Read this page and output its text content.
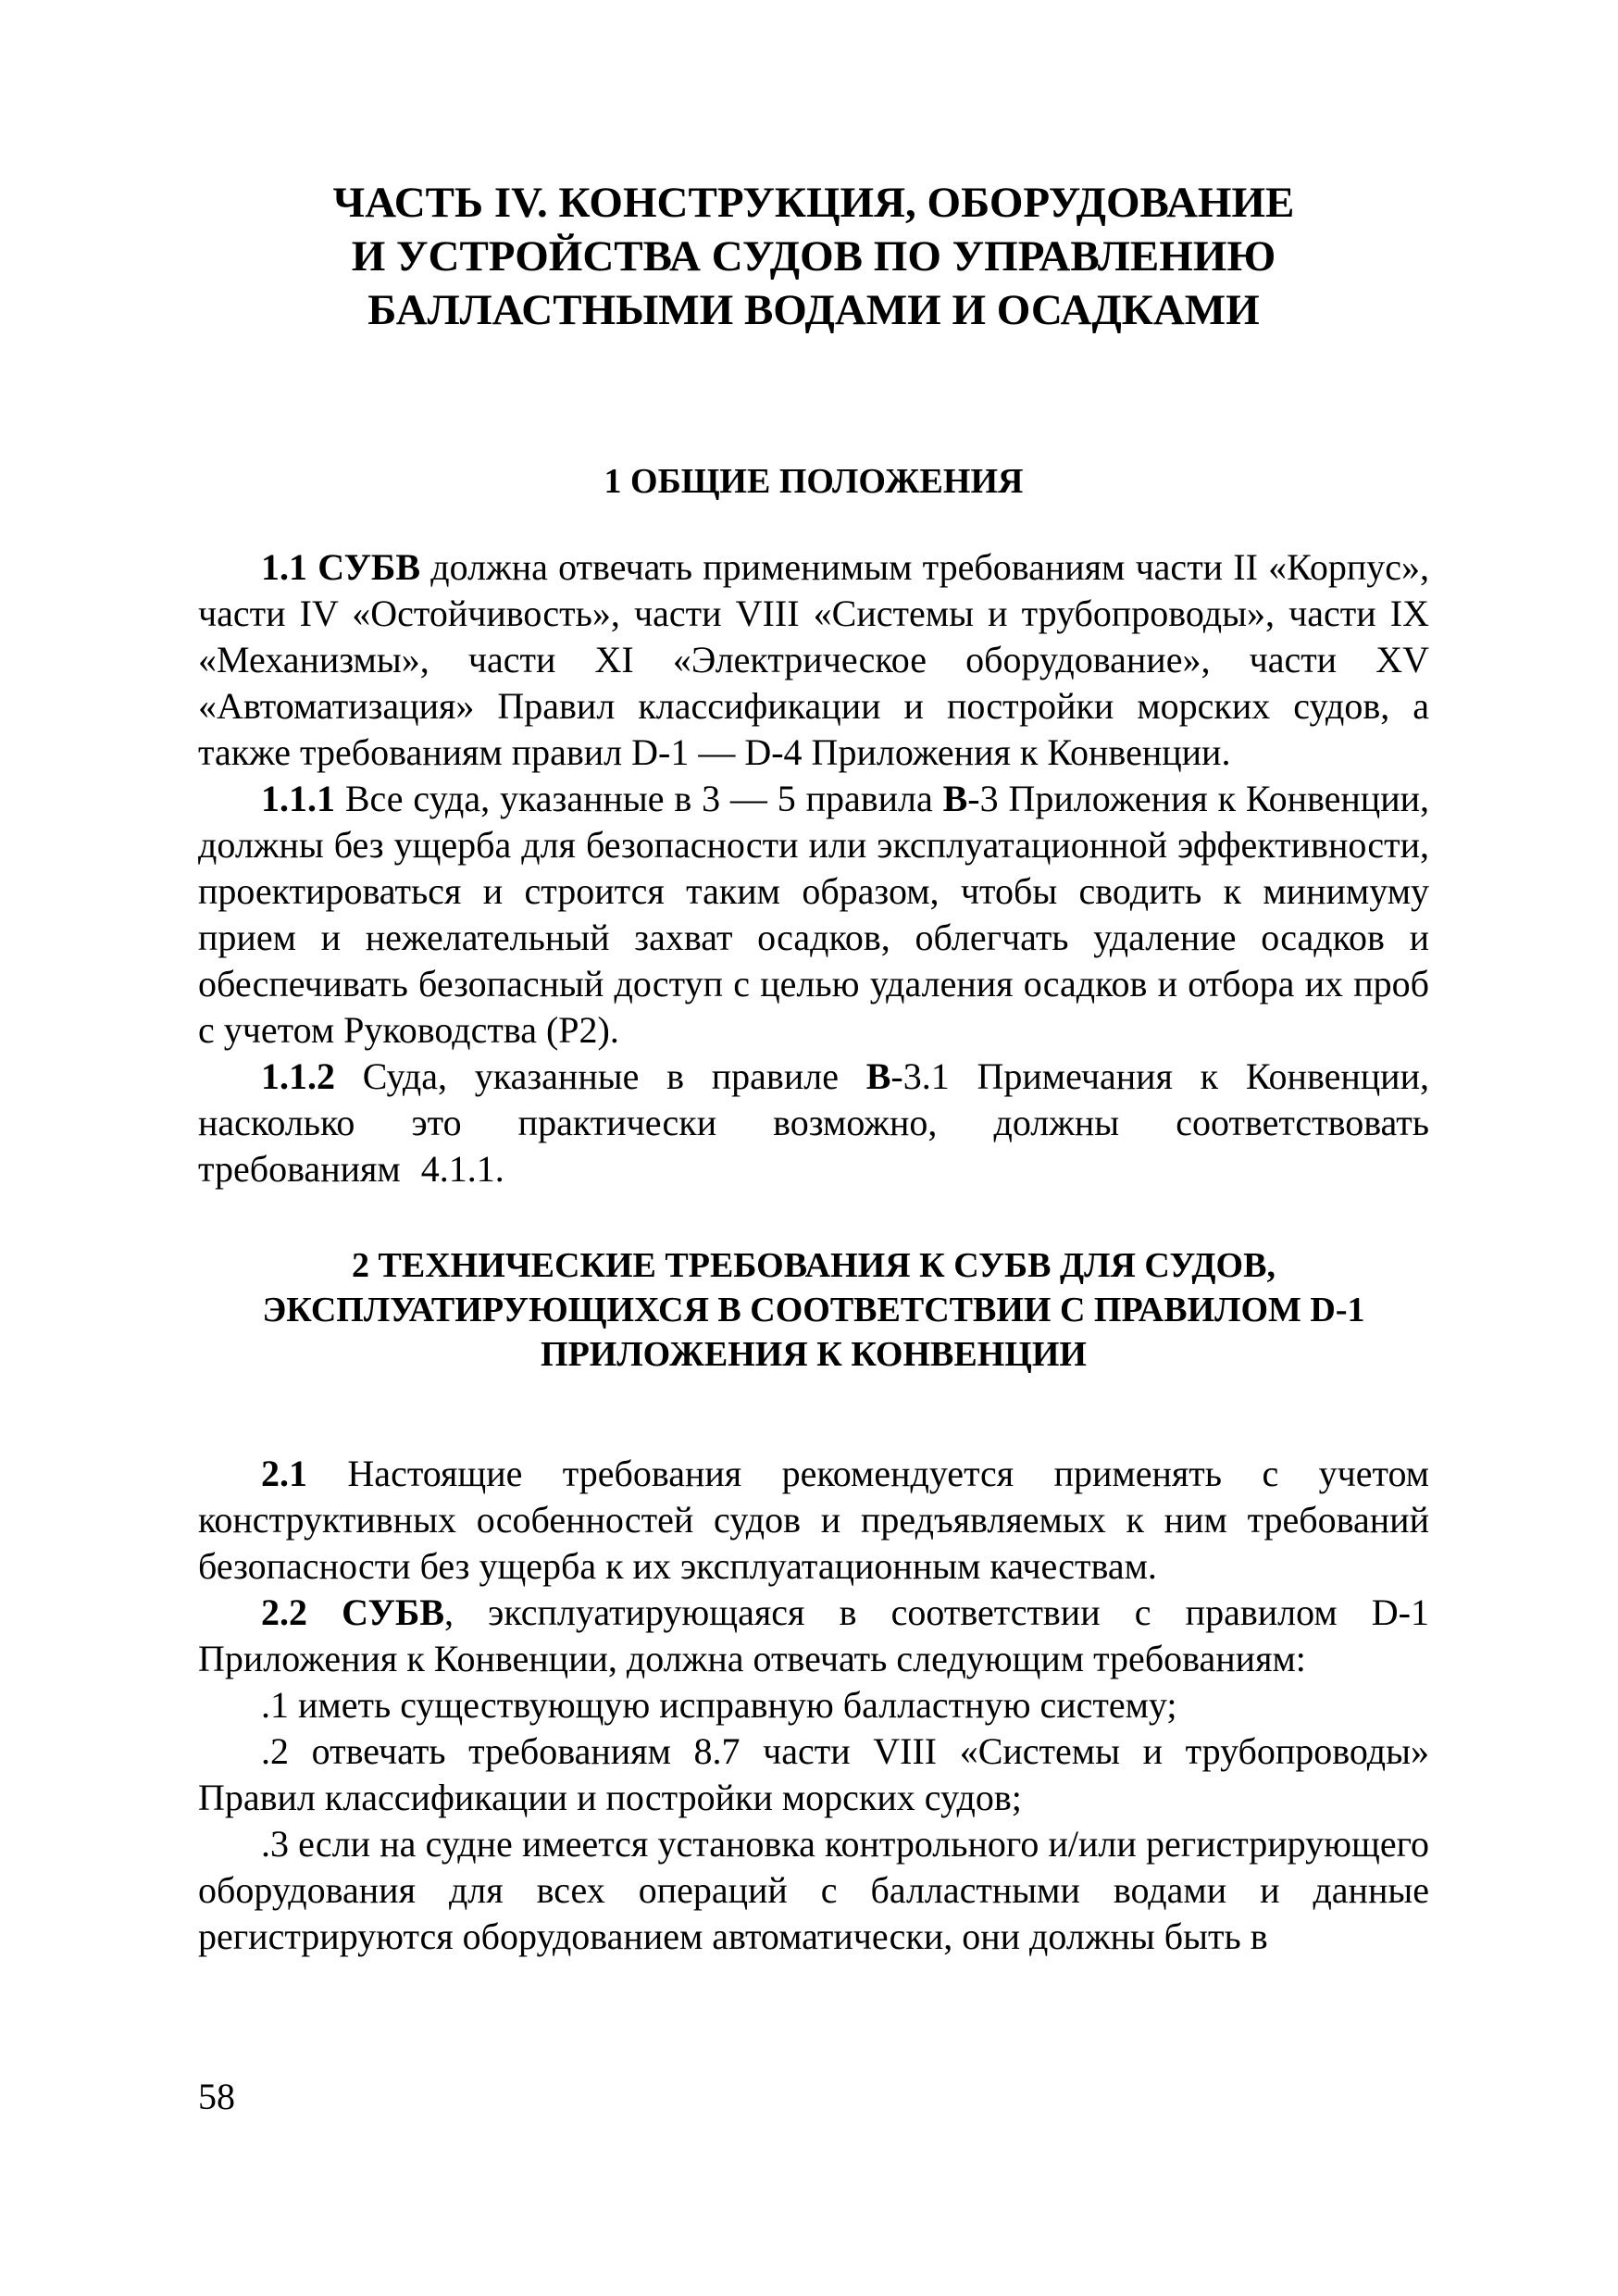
ЧАСТЬ IV. КОНСТРУКЦИЯ, ОБОРУДОВАНИЕ
И УСТРОЙСТВА СУДОВ ПО УПРАВЛЕНИЮ
БАЛЛАСТНЫМИ ВОДАМИ И ОСАДКАМИ
1 ОБЩИЕ ПОЛОЖЕНИЯ

1.1 СУБВ должна отвечать применимым требованиям части II «Корпус», части IV «Остойчивость», части VIII «Системы и трубопроводы», части IX «Механизмы», части XI «Электрическое оборудование», части XV «Автоматизация» Правил классификации и постройки морских судов, а также требованиям правил D-1 — D-4 Приложения к Конвенции.

1.1.1 Все суда, указанные в 3 — 5 правила B-3 Приложения к Конвенции, должны без ущерба для безопасности или эксплуатационной эффективности, проектироваться и строится таким образом, чтобы сводить к минимуму прием и нежелательный захват осадков, облегчать удаление осадков и обеспечивать безопасный доступ с целью удаления осадков и отбора их проб с учетом Руководства (Р2).

1.1.2 Суда, указанные в правиле B-3.1 Примечания к Конвенции, насколько это практически возможно, должны соответствовать требованиям 4.1.1.

2 ТЕХНИЧЕСКИЕ ТРЕБОВАНИЯ К СУБВ ДЛЯ СУДОВ,
ЭКСПЛУАТИРУЮЩИХСЯ В СООТВЕТСТВИИ С ПРАВИЛОМ D-1
ПРИЛОЖЕНИЯ К КОНВЕНЦИИ

2.1 Настоящие требования рекомендуется применять с учетом конструктивных особенностей судов и предъявляемых к ним требований безопасности без ущерба к их эксплуатационным качествам.

2.2 СУБВ, эксплуатирующаяся в соответствии с правилом D-1 Приложения к Конвенции, должна отвечать следующим требованиям:

.1 иметь существующую исправную балластную систему;

.2 отвечать требованиям 8.7 части VIII «Системы и трубопроводы» Правил классификации и постройки морских судов;

.3 если на судне имеется установка контрольного и/или регистрирующего оборудования для всех операций с балластными водами и данные регистрируются оборудованием автоматически, они должны быть в

58
